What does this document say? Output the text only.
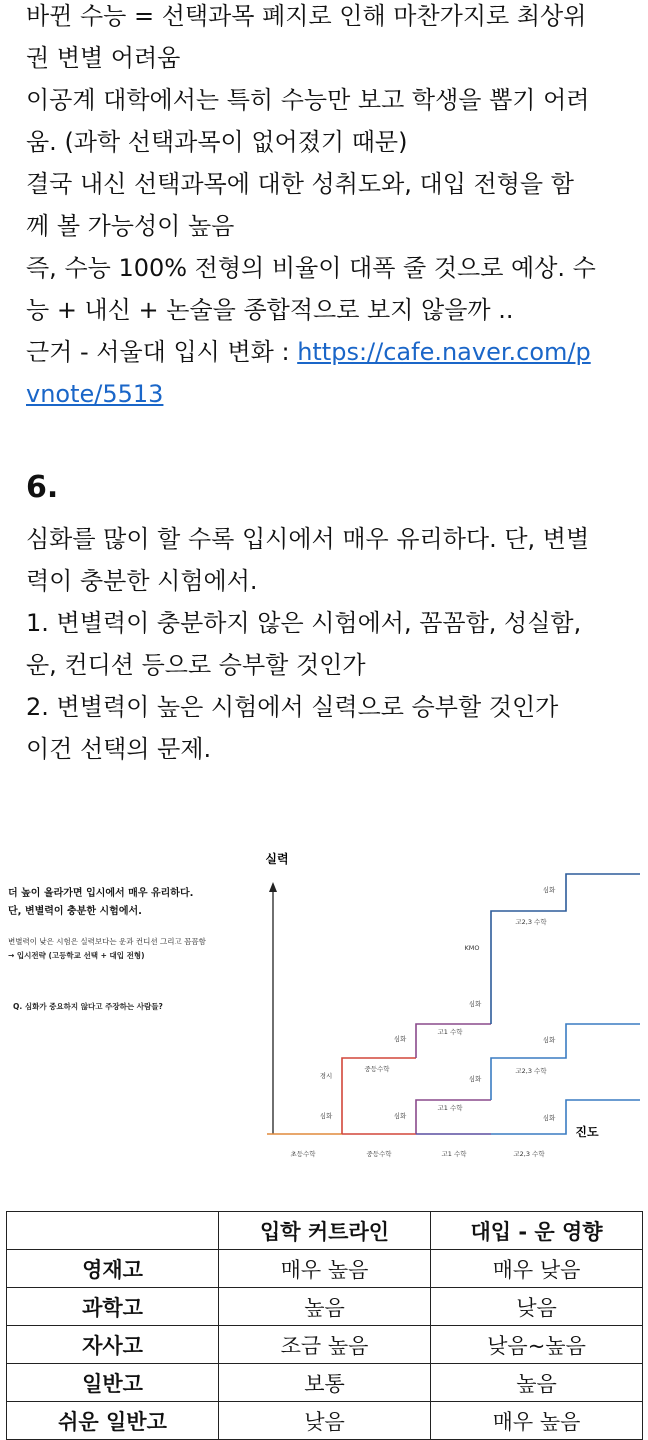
바뀐 수능 = 선택과목 폐지로 인해 마찬가지로 최상위
권 변별 어려움
이공계 대학에서는 특히 수능만 보고 학생을 뽑기 어려
움. (과학 선택과목이 없어졌기 때문)
결국 내신 선택과목에 대한 성취도와, 대입 전형을 함
께 볼 가능성이 높음
즉, 수능 100% 전형의 비율이 대폭 줄 것으로 예상. 수
능 + 내신 + 논술을 종합적으로 보지 않을까 ..
근거 - 서울대 입시 변화 : https://cafe.naver.com/p
vnote/5513
6.
심화를 많이 할 수록 입시에서 매우 유리하다. 단, 변별
력이 충분한 시험에서.
1. 변별력이 충분하지 않은 시험에서, 꼼꼼함, 성실함,
운, 컨디션 등으로 승부할 것인가
2. 변별력이 높은 시험에서 실력으로 승부할 것인가
이건 선택의 문제.
더 높이 올라가면 입시에서 매우 유리하다.
단, 변별력이 충분한 시험에서.
변별력이 낮은 시험은 실력보다는 운과 컨디션 그리고 꼼꼼함
→ 입시전략 (고등학교 선택 + 대입 전형)
Q. 심화가 중요하지 않다고 주장하는 사람들?
실력
진도
심화
경시
중등수학
심화
심화
고1 수학
고1 수학
심화
심화
KMO
고2,3 수학
고2,3 수학
심화
심화
심화
초등수학	중등수학	고1 수학	고2,3 수학
	입학 커트라인	대입 - 운 영향
영재고	매우 높음	매우 낮음
과학고	높음	낮음
자사고	조금 높음	낮음~높음
일반고	보통	높음
쉬운 일반고	낮음	매우 높음
